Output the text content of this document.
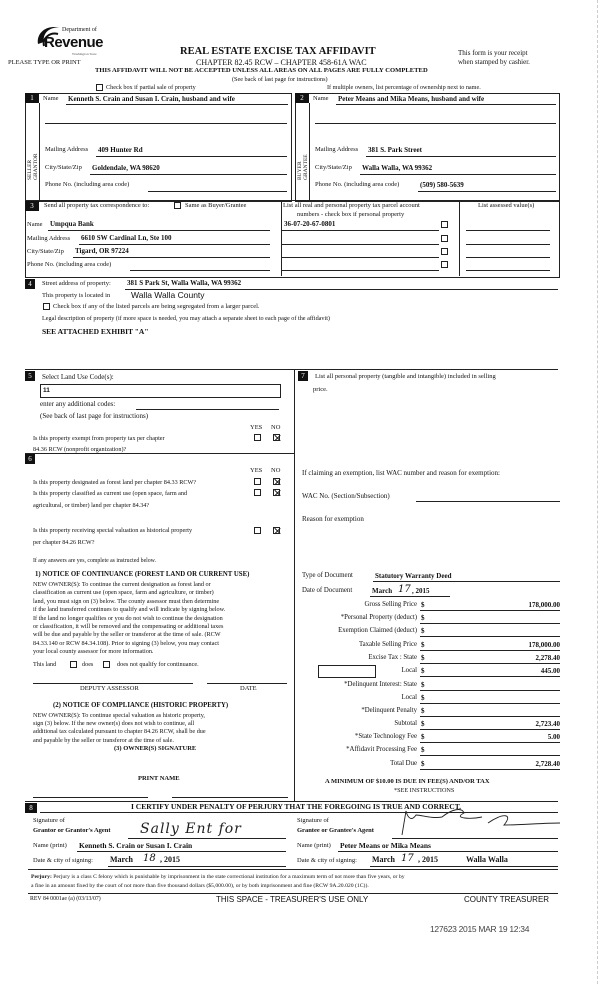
Department of
Revenue
Washington State
PLEASE TYPE OR PRINT
REAL ESTATE EXCISE TAX AFFIDAVIT
CHAPTER 82.45 RCW – CHAPTER 458-61A WAC
This form is your receipt
when stamped by cashier.
THIS AFFIDAVIT WILL NOT BE ACCEPTED UNLESS ALL AREAS ON ALL PAGES ARE FULLY COMPLETED
(See back of last page for instructions)
Check box if partial sale of property	If multiple owners, list percentage of ownership next to name.
1	2
SELLER
GRANTOR	BUYER
GRANTEE
Name Kenneth S. Crain and Susan I. Crain, husband and wife
Mailing Address 409 Hunter Rd
City/State/Zip Goldendale, WA 98620
Phone No. (including area code)
Name Peter Means and Mika Means, husband and wife
Mailing Address 381 S. Park Street
City/State/Zip Walla Walla, WA 99362
Phone No. (including area code)	(509) 580-5639
3	Send all property tax correspondence to:	Same as Buyer/Grantee	List all real and personal property tax parcel account
numbers - check box if personal property
List assessed value(s)
Name Umpqua Bank
Mailing Address 6610 SW Cardinal Ln, Ste 100
City/State/Zip Tigard, OR 97224
Phone No. (including area code)
36-07-20-67-0801
4	Street address of property: 381 S Park St, Walla Walla, WA 99362
This property is located in Walla Walla County
Check box if any of the listed parcels are being segregated from a larger parcel.
Legal description of property (if more space is needed, you may attach a separate sheet to each page of the affidavit)
SEE ATTACHED EXHIBIT "A"
5	Select Land Use Code(s):
11
enter any additional codes:
(See back of last page for instructions)
YES NO
Is this property exempt from property tax per chapter
84.36 RCW (nonprofit organization)?
6
YES NO
Is this property designated as forest land per chapter 84.33 RCW?
Is this property classified as current use (open space, farm and
agricultural, or timber) land per chapter 84.34?
Is this property receiving special valuation as historical property
per chapter 84.26 RCW?
If any answers are yes, complete as instructed below.
1) NOTICE OF CONTINUANCE (FOREST LAND OR CURRENT USE)
NEW OWNER(S): To continue the current designation as forest land or
classification as current use (open space, farm and agriculture, or timber)
land, you must sign on (3) below. The county assessor must then determine
if the land transferred continues to qualify and will indicate by signing below.
If the land no longer qualifies or you do not wish to continue the designation
or classification, it will be removed and the compensating or additional taxes
will be due and payable by the seller or transferor at the time of sale. (RCW
84.33.140 or RCW 84.34.108). Prior to signing (3) below, you may contact
your local county assessor for more information.
This land	does	does not qualify for continuance.
DEPUTY ASSESSOR	DATE
(2) NOTICE OF COMPLIANCE (HISTORIC PROPERTY)
NEW OWNER(S): To continue special valuation as historic property,
sign (3) below. If the new owner(s) does not wish to continue, all
additional tax calculated pursuant to chapter 84.26 RCW, shall be due
and payable by the seller or transferor at the time of sale.
(3) OWNER(S) SIGNATURE
PRINT NAME
7	List all personal property (tangible and intangible) included in selling
price.
If claiming an exemption, list WAC number and reason for exemption:
WAC No. (Section/Subsection)
Reason for exemption
Type of Document	Statutory Warranty Deed
Date of Document	March 17 , 2015
Gross Selling Price $	178,000.00
*Personal Property (deduct) $
Exemption Claimed (deduct) $
Taxable Selling Price $	178,000.00
Excise Tax : State $	2,278.40
Local $	445.00
*Delinquent Interest: State $
Local $
*Delinquent Penalty $
Subtotal $	2,723.40
*State Technology Fee $	5.00
*Affidavit Processing Fee $
Total Due $	2,728.40
A MINIMUM OF $10.00 IS DUE IN FEE(S) AND/OR TAX
*SEE INSTRUCTIONS
8	I CERTIFY UNDER PENALTY OF PERJURY THAT THE FOREGOING IS TRUE AND CORRECT.
Signature of
Grantor or Grantor's Agent Sally Ent for
Signature of
Grantee or Grantee's Agent
Name (print) Kenneth S. Crain or Susan I. Crain	Name (print) Peter Means or Mika Means
Date & city of signing: March 18 , 2015	Date & city of signing: March 17 , 2015	Walla Walla
Perjury: Perjury is a class C felony which is punishable by imprisonment in the state correctional institution for a maximum term of not more than five years, or by
a fine in an amount fixed by the court of not more than five thousand dollars ($5,000.00), or by both imprisonment and fine (RCW 9A.20.020 (1C)).
REV 84 0001ae (a) (03/13/07)	THIS SPACE - TREASURER'S USE ONLY	COUNTY TREASURER
127623 2015 MAR 19 12:34
